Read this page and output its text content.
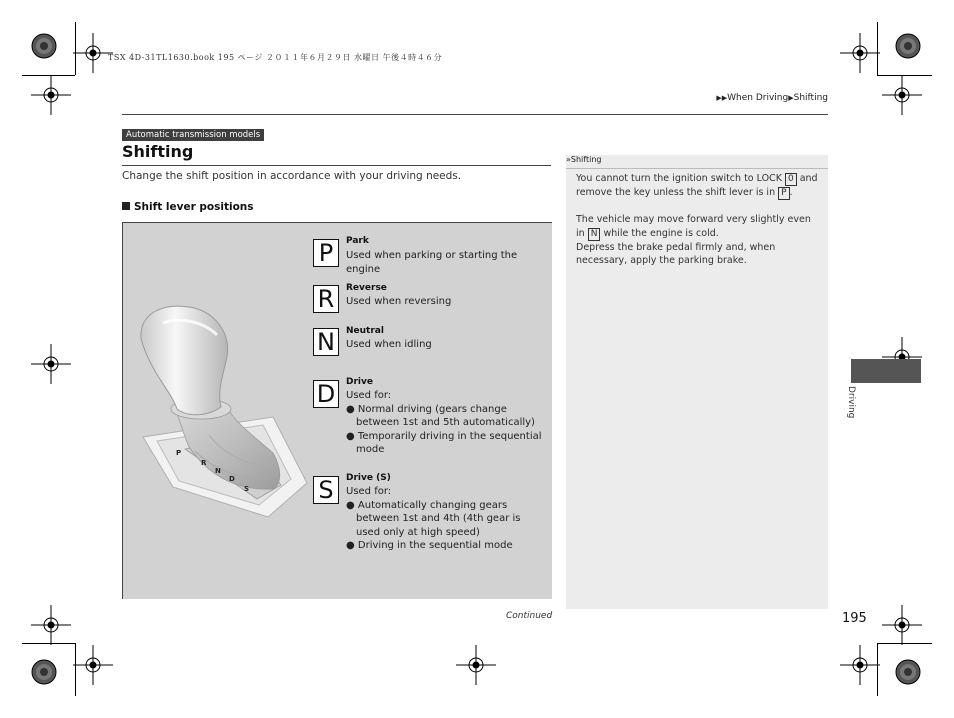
TSX 4D-31TL1630.book 195 ページ ２０１１年６月２９日 水曜日 午後４時４６分
▶▶When Driving▶Shifting
Automatic transmission models
Shifting
Change the shift position in accordance with your driving needs.
Shift lever positions
P
R
N
D
S
P	Park
Used when parking or starting the engine
R	Reverse
Used when reversing
N	Neutral
Used when idling
D	Drive
Used for:
● Normal driving (gears change between 1st and 5th automatically)
● Temporarily driving in the sequential mode
S	Drive (S)
Used for:
● Automatically changing gears between 1st and 4th (4th gear is used only at high speed)
● Driving in the sequential mode
»Shifting
You cannot turn the ignition switch to LOCK 0 and remove the key unless the shift lever is in P .
The vehicle may move forward very slightly even in N while the engine is cold.
Depress the brake pedal firmly and, when necessary, apply the parking brake.
Driving
Continued	195
